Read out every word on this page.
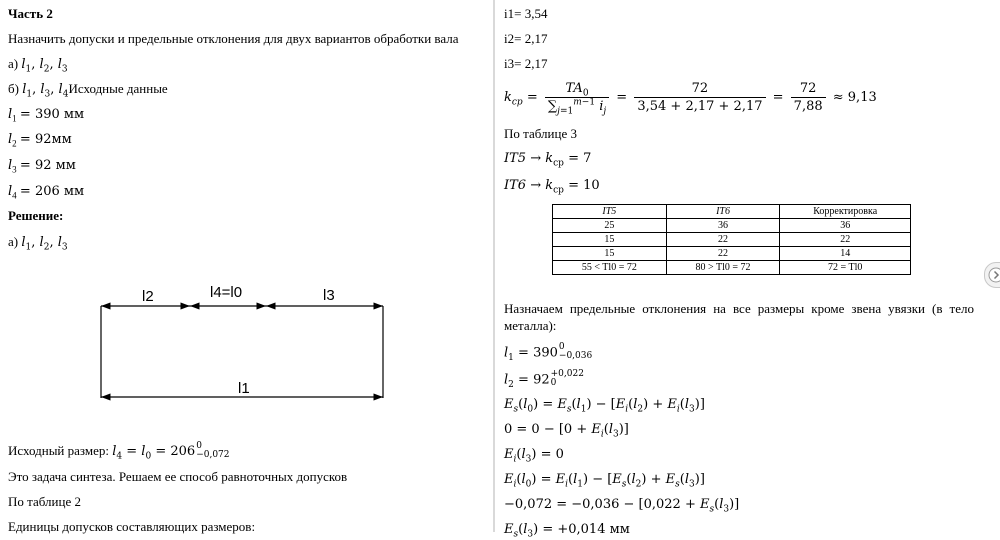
Часть 2
Назначить допуски и предельные отклонения для двух вариантов обработки вала
а) $l_1$, $l_2$, $l_3$
б) $l_1$, $l_3$, $l_4Исходные$ данные
$l_1 = 390$ мм
$l_2 = 92мм$
$l_3 = 92$ мм
$l_4 = 206$ мм
Решение:
а) $l_1$, $l_2$, $l_3$
l2	l4=l0	l3
l1
Исходный размер: $l_4 = l_0 = 206$ 0
−0,072
Это задача синтеза. Решаем ее способ равноточных допусков
По таблице 2
Единицы допусков составляющих размеров:
i1= 3,54
i2= 2,17
i3= 2,17
$k_{cp} = \frac{TA_0}{\sum_{j=1}^{m-1} i_j} = \frac{72}{3,54 + 2,17 + 2,17} = \frac{72}{7,88} \approx 9,13$
По таблице 3
$IT5 \to k_{ср} = 7$
$IT6 \to k_{ср} = 10$
Назначаем предельные отклонения на все размеры кроме звена увязки (в тело металла):
$l_1 = 390$ 0
−0,036
$l_2 = 92 +0,022$
0
$E_s(l_0) = E_s(l_1) - [E_i(l_2) + E_i(l_3)]$
$0 = 0 - [0 + E_i(l_3)]$
$E_i(l_3) = 0$
$E_i(l_0) = E_i(l_1) - [E_s(l_2) + E_s(l_3)]$
$-0,072 = -0,036 - [0,022 + E_s(l_3)]$
$E_s(l_3) = +0,014$ мм
IT5	IT6	Корректировка
25	36	36
15	22	22
15	22	14
55 < Tl0 = 72	80 > Tl0 = 72	72 = Tl0
